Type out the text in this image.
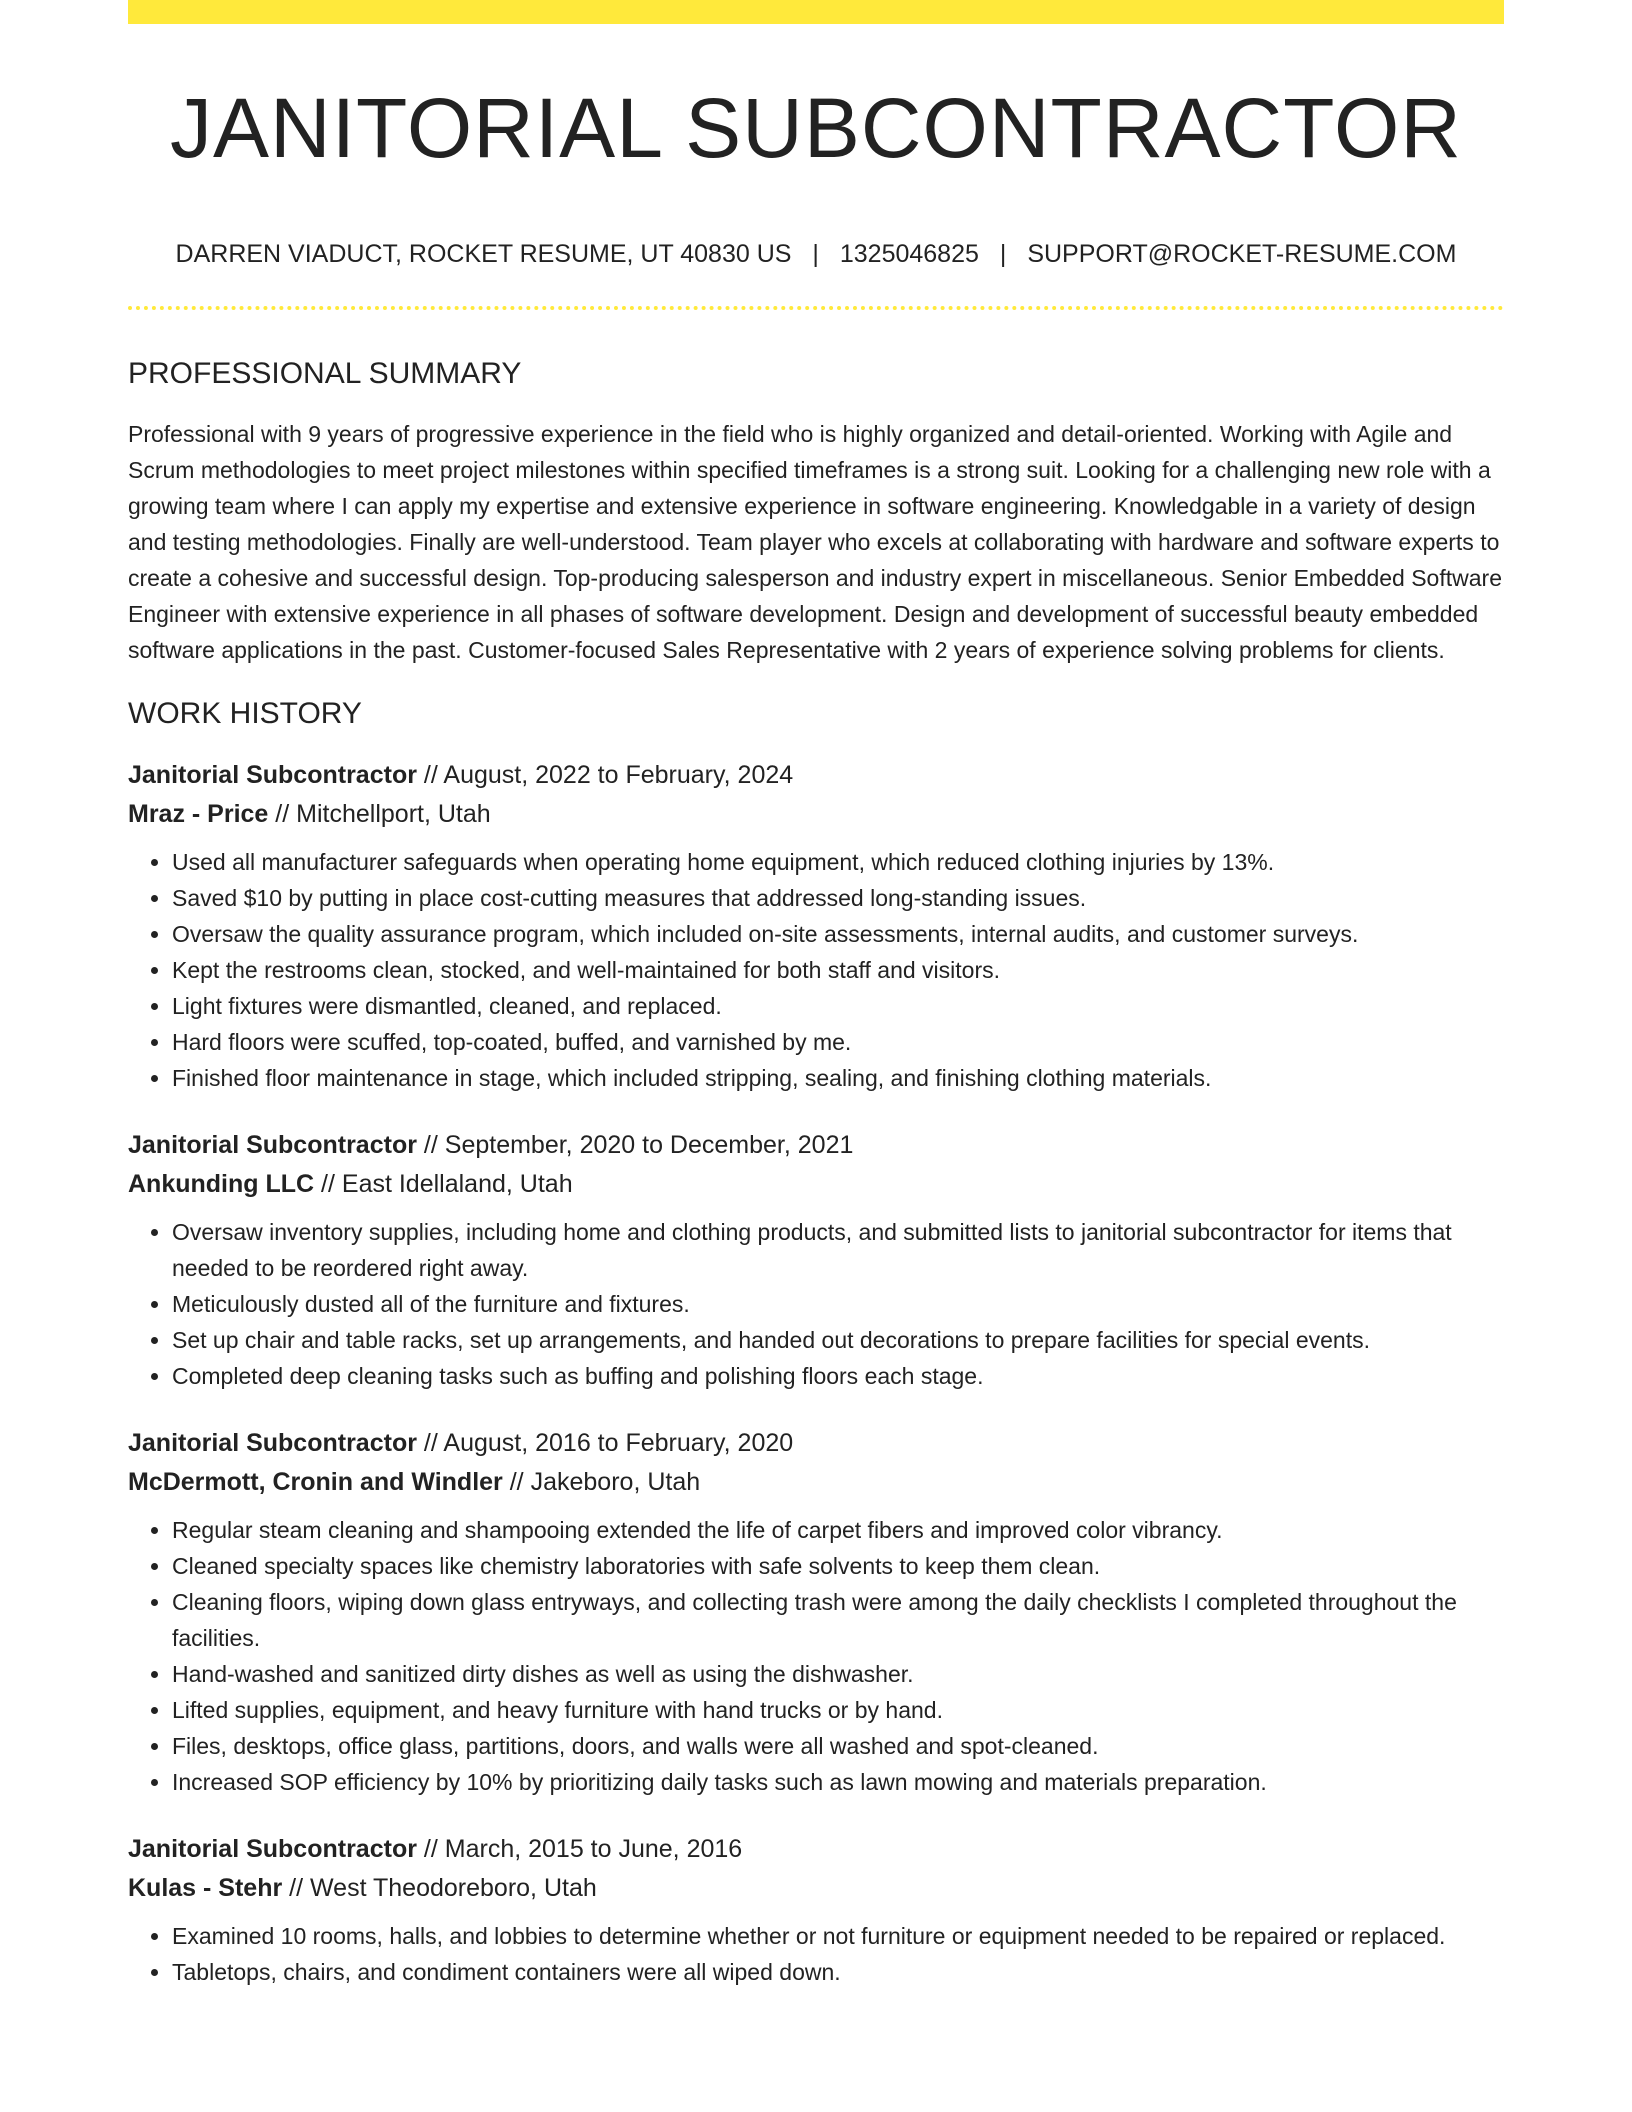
JANITORIAL SUBCONTRACTOR
DARREN VIADUCT, ROCKET RESUME, UT 40830 US | 1325046825 | SUPPORT@ROCKET-RESUME.COM
PROFESSIONAL SUMMARY

Professional with 9 years of progressive experience in the field who is highly organized and detail-oriented. Working with Agile and Scrum methodologies to meet project milestones within specified timeframes is a strong suit. Looking for a challenging new role with a growing team where I can apply my expertise and extensive experience in software engineering. Knowledgable in a variety of design and testing methodologies. Finally are well-understood. Team player who excels at collaborating with hardware and software experts to create a cohesive and successful design. Top-producing salesperson and industry expert in miscellaneous. Senior Embedded Software Engineer with extensive experience in all phases of software development. Design and development of successful beauty embedded software applications in the past. Customer-focused Sales Representative with 2 years of experience solving problems for clients.

WORK HISTORY
Janitorial Subcontractor // August, 2022 to February, 2024
Mraz - Price // Mitchellport, Utah
• Used all manufacturer safeguards when operating home equipment, which reduced clothing injuries by 13%.
• Saved $10 by putting in place cost-cutting measures that addressed long-standing issues.
• Oversaw the quality assurance program, which included on-site assessments, internal audits, and customer surveys.
• Kept the restrooms clean, stocked, and well-maintained for both staff and visitors.
• Light fixtures were dismantled, cleaned, and replaced.
• Hard floors were scuffed, top-coated, buffed, and varnished by me.
• Finished floor maintenance in stage, which included stripping, sealing, and finishing clothing materials.
Janitorial Subcontractor // September, 2020 to December, 2021
Ankunding LLC // East Idellaland, Utah
• Oversaw inventory supplies, including home and clothing products, and submitted lists to janitorial subcontractor for items that needed to be reordered right away.
• Meticulously dusted all of the furniture and fixtures.
• Set up chair and table racks, set up arrangements, and handed out decorations to prepare facilities for special events.
• Completed deep cleaning tasks such as buffing and polishing floors each stage.
Janitorial Subcontractor // August, 2016 to February, 2020
McDermott, Cronin and Windler // Jakeboro, Utah
• Regular steam cleaning and shampooing extended the life of carpet fibers and improved color vibrancy.
• Cleaned specialty spaces like chemistry laboratories with safe solvents to keep them clean.
• Cleaning floors, wiping down glass entryways, and collecting trash were among the daily checklists I completed throughout the facilities.
• Hand-washed and sanitized dirty dishes as well as using the dishwasher.
• Lifted supplies, equipment, and heavy furniture with hand trucks or by hand.
• Files, desktops, office glass, partitions, doors, and walls were all washed and spot-cleaned.
• Increased SOP efficiency by 10% by prioritizing daily tasks such as lawn mowing and materials preparation.
Janitorial Subcontractor // March, 2015 to June, 2016
Kulas - Stehr // West Theodoreboro, Utah
• Examined 10 rooms, halls, and lobbies to determine whether or not furniture or equipment needed to be repaired or replaced.
• Tabletops, chairs, and condiment containers were all wiped down.
